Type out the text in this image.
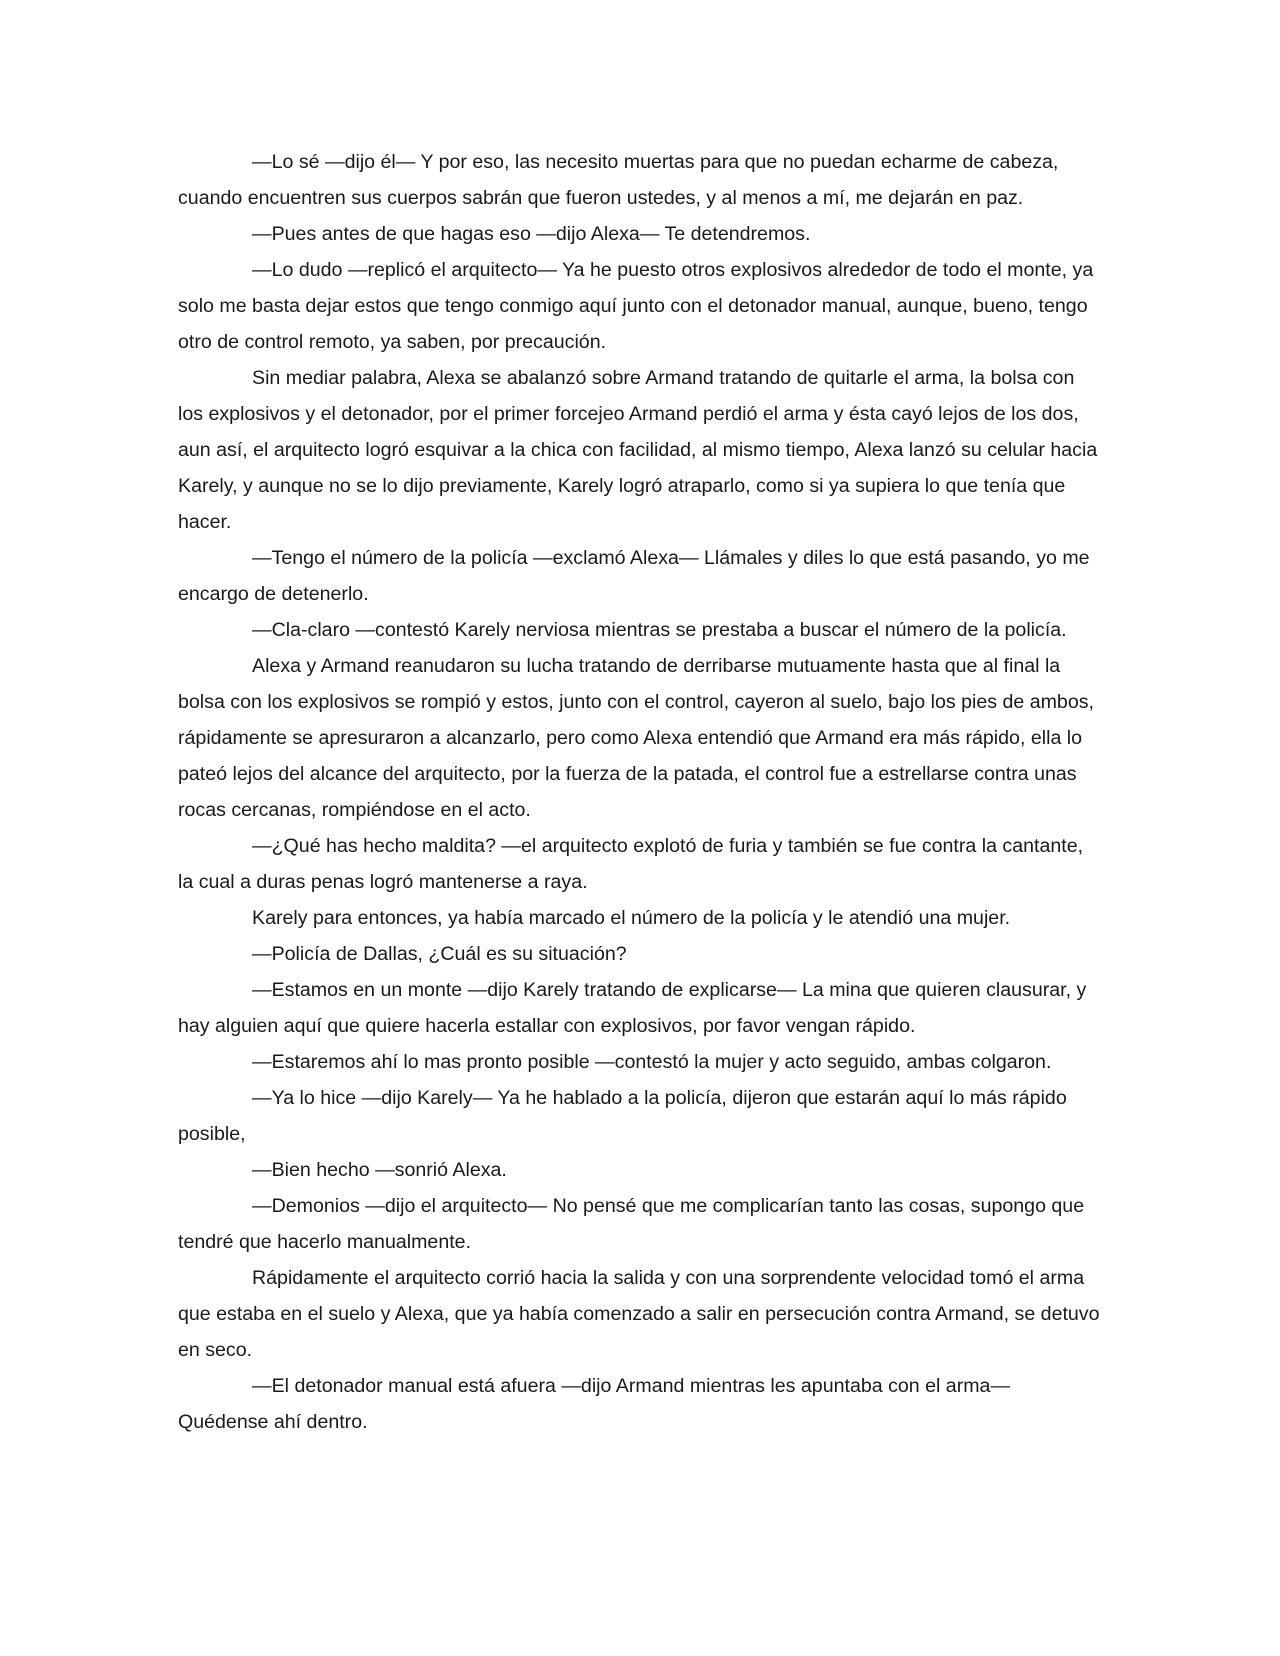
—Lo sé —dijo él— Y por eso, las necesito muertas para que no puedan echarme de cabeza, cuando encuentren sus cuerpos sabrán que fueron ustedes, y al menos a mí, me dejarán en paz.

—Pues antes de que hagas eso —dijo Alexa— Te detendremos.

—Lo dudo —replicó el arquitecto— Ya he puesto otros explosivos alrededor de todo el monte, ya solo me basta dejar estos que tengo conmigo aquí junto con el detonador manual, aunque, bueno, tengo otro de control remoto, ya saben, por precaución.

Sin mediar palabra, Alexa se abalanzó sobre Armand tratando de quitarle el arma, la bolsa con los explosivos y el detonador, por el primer forcejeo Armand perdió el arma y ésta cayó lejos de los dos, aun así, el arquitecto logró esquivar a la chica con facilidad, al mismo tiempo, Alexa lanzó su celular hacia Karely, y aunque no se lo dijo previamente, Karely logró atraparlo, como si ya supiera lo que tenía que hacer.

—Tengo el número de la policía —exclamó Alexa— Llámales y diles lo que está pasando, yo me encargo de detenerlo.

—Cla-claro —contestó Karely nerviosa mientras se prestaba a buscar el número de la policía.

Alexa y Armand reanudaron su lucha tratando de derribarse mutuamente hasta que al final la bolsa con los explosivos se rompió y estos, junto con el control, cayeron al suelo, bajo los pies de ambos, rápidamente se apresuraron a alcanzarlo, pero como Alexa entendió que Armand era más rápido, ella lo pateó lejos del alcance del arquitecto, por la fuerza de la patada, el control fue a estrellarse contra unas rocas cercanas, rompiéndose en el acto.

—¿Qué has hecho maldita? —el arquitecto explotó de furia y también se fue contra la cantante, la cual a duras penas logró mantenerse a raya.

Karely para entonces, ya había marcado el número de la policía y le atendió una mujer.

—Policía de Dallas, ¿Cuál es su situación?

—Estamos en un monte —dijo Karely tratando de explicarse— La mina que quieren clausurar, y hay alguien aquí que quiere hacerla estallar con explosivos, por favor vengan rápido.

—Estaremos ahí lo mas pronto posible —contestó la mujer y acto seguido, ambas colgaron.

—Ya lo hice —dijo Karely— Ya he hablado a la policía, dijeron que estarán aquí lo más rápido posible,

—Bien hecho —sonrió Alexa.

—Demonios —dijo el arquitecto— No pensé que me complicarían tanto las cosas, supongo que tendré que hacerlo manualmente.

Rápidamente el arquitecto corrió hacia la salida y con una sorprendente velocidad tomó el arma que estaba en el suelo y Alexa, que ya había comenzado a salir en persecución contra Armand, se detuvo en seco.

—El detonador manual está afuera —dijo Armand mientras les apuntaba con el arma— Quédense ahí dentro.
